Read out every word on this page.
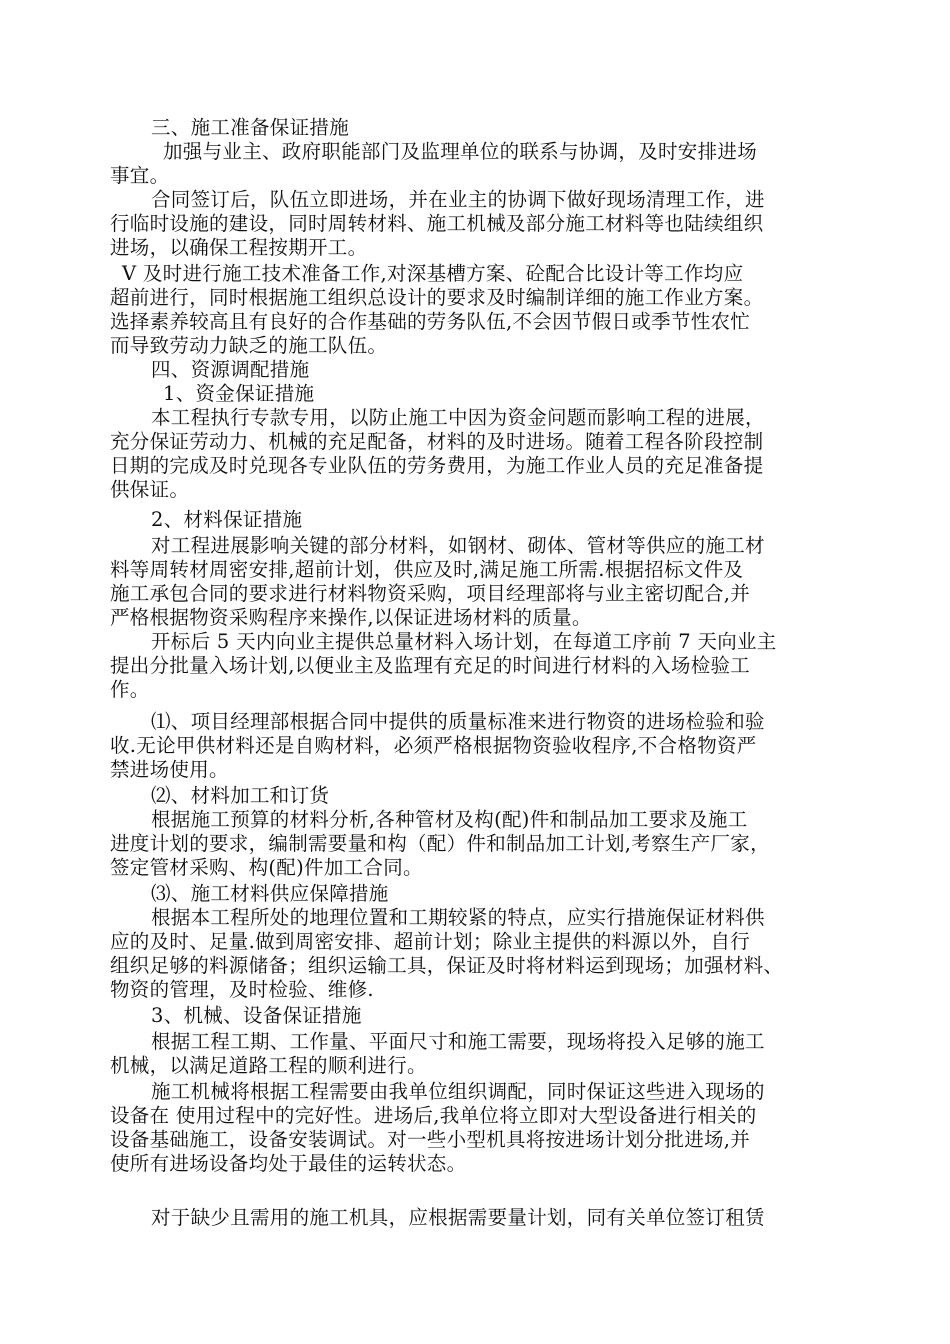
三、施工准备保证措施
加强与业主、政府职能部门及监理单位的联系与协调，及时安排进场
事宜。
合同签订后，队伍立即进场，并在业主的协调下做好现场清理工作，进
行临时设施的建设，同时周转材料、施工机械及部分施工材料等也陆续组织
进场，以确保工程按期开工。
V 及时进行施工技术准备工作,对深基槽方案、砼配合比设计等工作均应
超前进行，同时根据施工组织总设计的要求及时编制详细的施工作业方案。
选择素养较高且有良好的合作基础的劳务队伍,不会因节假日或季节性农忙
而导致劳动力缺乏的施工队伍。
四、资源调配措施
1、资金保证措施
本工程执行专款专用，以防止施工中因为资金问题而影响工程的进展，
充分保证劳动力、机械的充足配备，材料的及时进场。随着工程各阶段控制
日期的完成及时兑现各专业队伍的劳务费用，为施工作业人员的充足准备提
供保证。
2、材料保证措施
对工程进展影响关键的部分材料，如钢材、砌体、管材等供应的施工材
料等周转材周密安排,超前计划，供应及时,满足施工所需.根据招标文件及
施工承包合同的要求进行材料物资采购，项目经理部将与业主密切配合,并
严格根据物资采购程序来操作,以保证进场材料的质量。
开标后 5 天内向业主提供总量材料入场计划，在每道工序前 7 天向业主
提出分批量入场计划,以便业主及监理有充足的时间进行材料的入场检验工
作。
⑴、项目经理部根据合同中提供的质量标准来进行物资的进场检验和验
收.无论甲供材料还是自购材料，必须严格根据物资验收程序,不合格物资严
禁进场使用。
⑵、材料加工和订货
根据施工预算的材料分析,各种管材及构(配)件和制品加工要求及施工
进度计划的要求，编制需要量和构（配）件和制品加工计划,考察生产厂家，
签定管材采购、构(配)件加工合同。
⑶、施工材料供应保障措施
根据本工程所处的地理位置和工期较紧的特点，应实行措施保证材料供
应的及时、足量.做到周密安排、超前计划；除业主提供的料源以外，自行
组织足够的料源储备；组织运输工具，保证及时将材料运到现场；加强材料、
物资的管理，及时检验、维修.
3、机械、设备保证措施
根据工程工期、工作量、平面尺寸和施工需要，现场将投入足够的施工
机械，以满足道路工程的顺利进行。
施工机械将根据工程需要由我单位组织调配，同时保证这些进入现场的
设备在 使用过程中的完好性。进场后,我单位将立即对大型设备进行相关的
设备基础施工，设备安装调试。对一些小型机具将按进场计划分批进场,并
使所有进场设备均处于最佳的运转状态。
对于缺少且需用的施工机具，应根据需要量计划，同有关单位签订租赁
